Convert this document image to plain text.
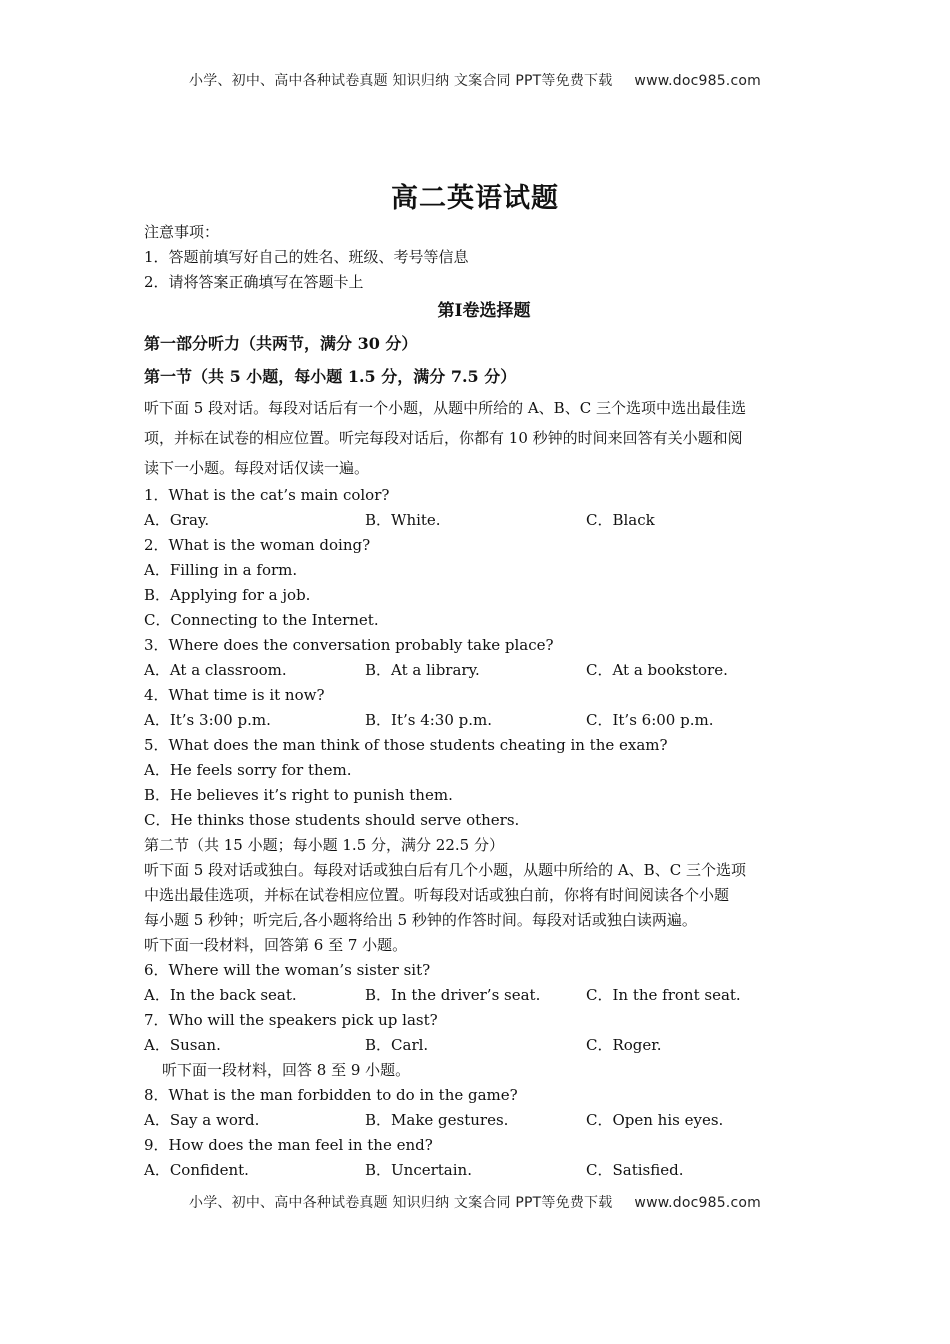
小学、初中、高中各种试卷真题 知识归纳 文案合同 PPT等免费下载 www.doc985.com
高二英语试题
注意事项：
1．答题前填写好自己的姓名、班级、考号等信息
2．请将答案正确填写在答题卡上
第I卷选择题
第一部分听力（共两节，满分 30 分）
第一节（共 5 小题，每小题 1.5 分，满分 7.5 分）
听下面 5 段对话。每段对话后有一个小题，从题中所给的 A、B、C 三个选项中选出最佳选
项，并标在试卷的相应位置。听完每段对话后，你都有 10 秒钟的时间来回答有关小题和阅
读下一小题。每段对话仅读一遍。
1．What is the cat’s main color?
A．Gray.	B．White.	C．Black
2．What is the woman doing?
A．Filling in a form.
B．Applying for a job.
C．Connecting to the Internet.
3．Where does the conversation probably take place?
A．At a classroom.	B．At a library.	C．At a bookstore.
4．What time is it now?
A．It’s 3:00 p.m.	B．It’s 4:30 p.m.	C．It’s 6:00 p.m.
5．What does the man think of those students cheating in the exam?
A．He feels sorry for them.
B．He believes it’s right to punish them.
C．He thinks those students should serve others.
第二节（共 15 小题；每小题 1.5 分，满分 22.5 分）
听下面 5 段对话或独白。每段对话或独白后有几个小题，从题中所给的 A、B、C 三个选项
中选出最佳选项，并标在试卷相应位置。听每段对话或独白前，你将有时间阅读各个小题
每小题 5 秒钟；听完后,各小题将给出 5 秒钟的作答时间。每段对话或独白读两遍。
听下面一段材料，回答第 6 至 7 小题。
6．Where will the woman’s sister sit?
A．In the back seat.	B．In the driver’s seat.	C．In the front seat.
7．Who will the speakers pick up last?
A．Susan.	B．Carl.	C．Roger.
听下面一段材料，回答 8 至 9 小题。
8．What is the man forbidden to do in the game?
A．Say a word.	B．Make gestures.	C．Open his eyes.
9．How does the man feel in the end?
A．Confident.	B．Uncertain.	C．Satisfied.
小学、初中、高中各种试卷真题 知识归纳 文案合同 PPT等免费下载 www.doc985.com
